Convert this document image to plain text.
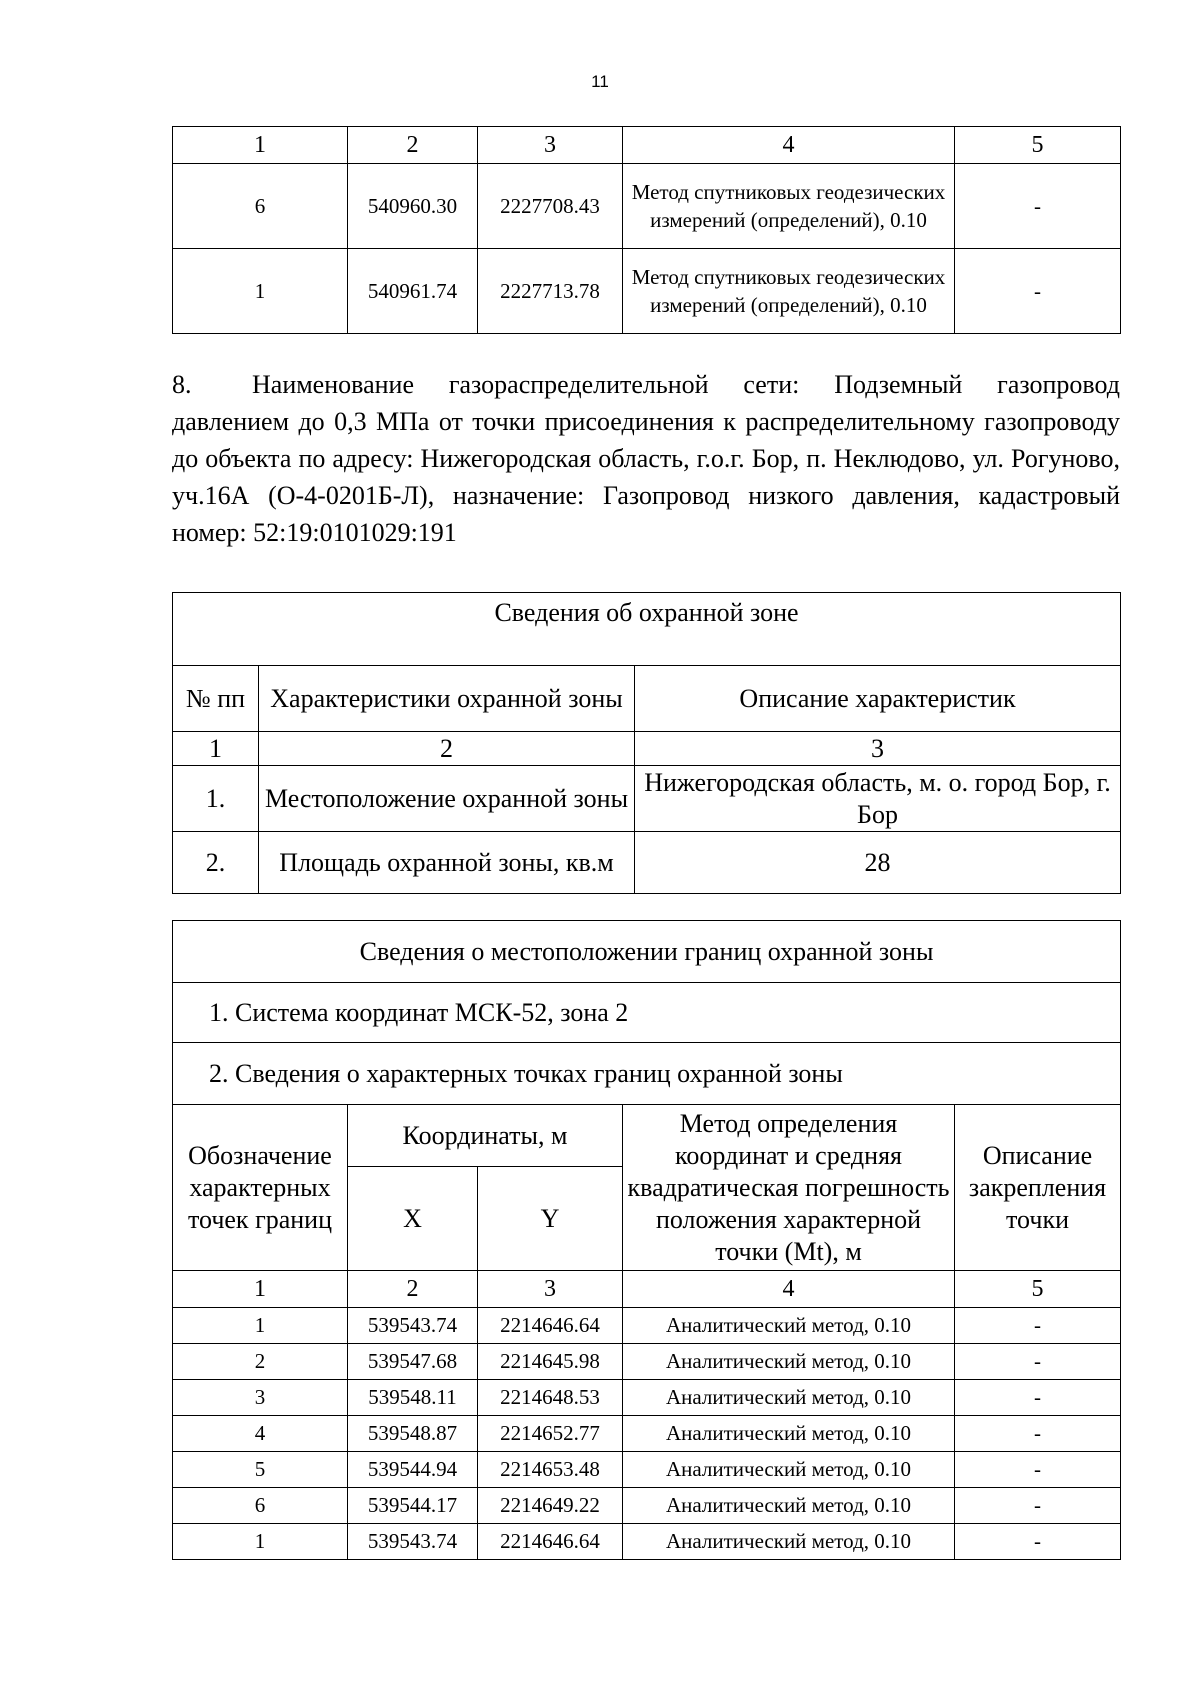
11
1	2	3	4	5
6	540960.30	2227708.43	Метод спутниковых геодезических измерений (определений), 0.10	-
1	540961.74	2227713.78	Метод спутниковых геодезических измерений (определений), 0.10	-
8. Наименование газораспределительной сети: Подземный газопровод давлением до 0,3 МПа от точки присоединения к распределительному газопроводу до объекта по адресу: Нижегородская область, г.о.г. Бор, п. Неклюдово, ул. Рогуново, уч.16А (О-4-0201Б-Л), назначение: Газопровод низкого давления, кадастровый номер: 52:19:0101029:191
Сведения об охранной зоне		
№ пп	Характеристики охранной зоны	Описание характеристик
1	2	3
1.	Местоположение охранной зоны	Нижегородская область, м. о. город Бор, г. Бор
2.	Площадь охранной зоны, кв.м	28
Сведения о местоположении границ охранной зоны				
1. Система координат МСК-52, зона 2				
2. Сведения о характерных точках границ охранной зоны				
Обозначение характерных точек границ	Координаты, м		Метод определения координат и средняя квадратическая погрешность положения характерной точки (Mt), м	Описание закрепления точки
	X	Y		
1	2	3	4	5
1	539543.74	2214646.64	Аналитический метод, 0.10	-
2	539547.68	2214645.98	Аналитический метод, 0.10	-
3	539548.11	2214648.53	Аналитический метод, 0.10	-
4	539548.87	2214652.77	Аналитический метод, 0.10	-
5	539544.94	2214653.48	Аналитический метод, 0.10	-
6	539544.17	2214649.22	Аналитический метод, 0.10	-
1	539543.74	2214646.64	Аналитический метод, 0.10	-
